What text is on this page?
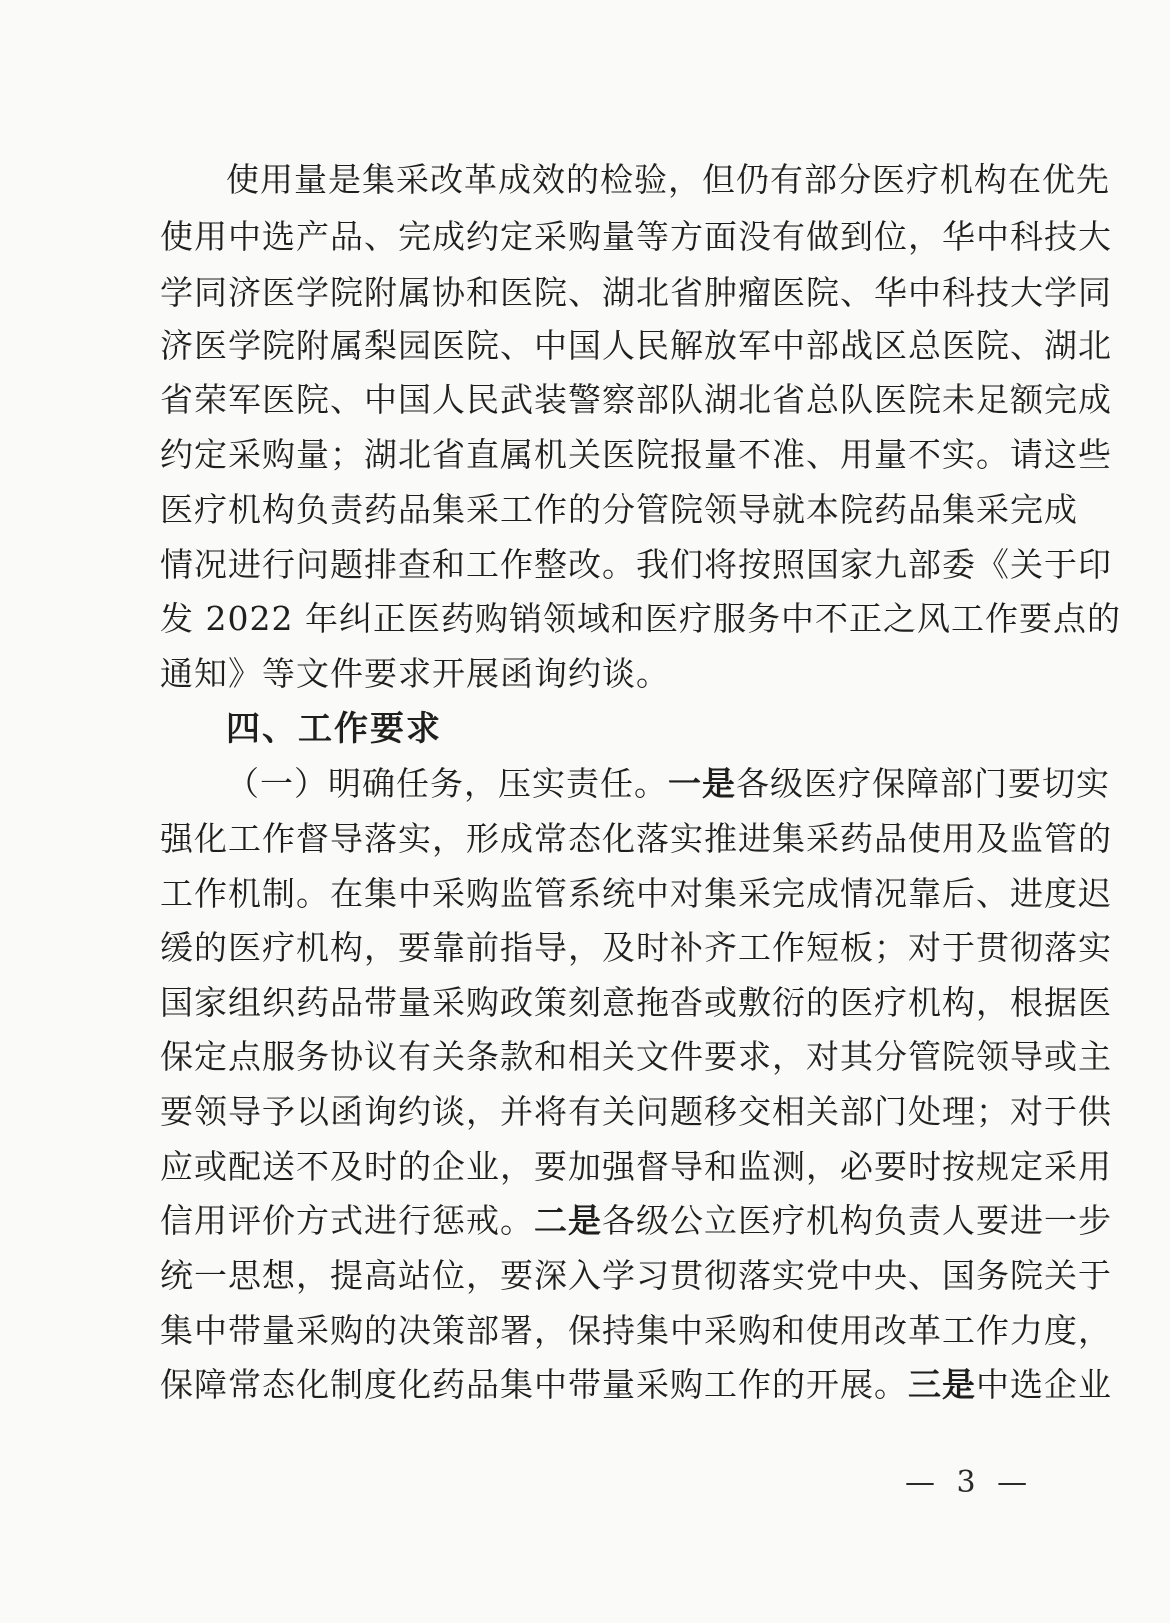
使用量是集采改革成效的检验，但仍有部分医疗机构在优先
使用中选产品、完成约定采购量等方面没有做到位，华中科技大
学同济医学院附属协和医院、湖北省肿瘤医院、华中科技大学同
济医学院附属梨园医院、中国人民解放军中部战区总医院、湖北
省荣军医院、中国人民武装警察部队湖北省总队医院未足额完成
约定采购量；湖北省直属机关医院报量不准、用量不实。请这些
医疗机构负责药品集采工作的分管院领导就本院药品集采完成
情况进行问题排查和工作整改。我们将按照国家九部委《关于印
发 2022 年纠正医药购销领域和医疗服务中不正之风工作要点的
通知》等文件要求开展函询约谈。
四、工作要求
（一）明确任务，压实责任。一是各级医疗保障部门要切实
强化工作督导落实，形成常态化落实推进集采药品使用及监管的
工作机制。在集中采购监管系统中对集采完成情况靠后、进度迟
缓的医疗机构，要靠前指导，及时补齐工作短板；对于贯彻落实
国家组织药品带量采购政策刻意拖沓或敷衍的医疗机构，根据医
保定点服务协议有关条款和相关文件要求，对其分管院领导或主
要领导予以函询约谈，并将有关问题移交相关部门处理；对于供
应或配送不及时的企业，要加强督导和监测，必要时按规定采用
信用评价方式进行惩戒。二是各级公立医疗机构负责人要进一步
统一思想，提高站位，要深入学习贯彻落实党中央、国务院关于
集中带量采购的决策部署，保持集中采购和使用改革工作力度，
保障常态化制度化药品集中带量采购工作的开展。三是中选企业
— 3 —
